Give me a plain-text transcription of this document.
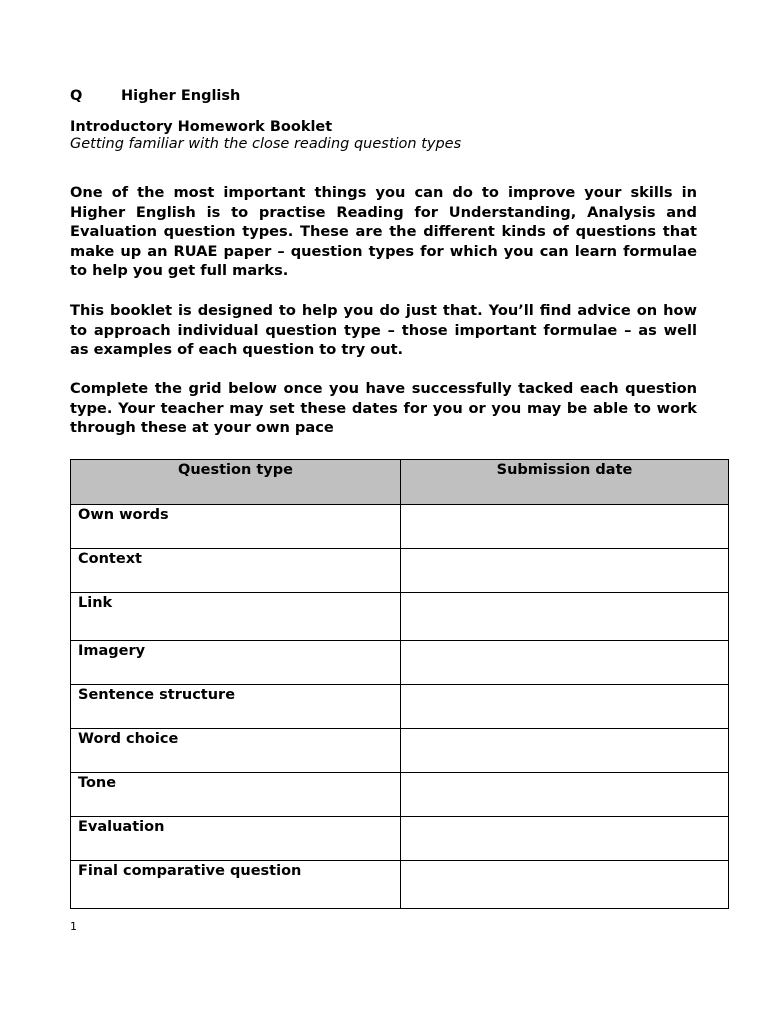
Q	Higher English
Introductory Homework Booklet
Getting familiar with the close reading question types

One of the most important things you can do to improve your skills in Higher English is to practise Reading for Understanding, Analysis and Evaluation question types. These are the different kinds of questions that make up an RUAE paper – question types for which you can learn formulae to help you get full marks.

This booklet is designed to help you do just that. You’ll find advice on how to approach individual question type – those important formulae – as well as examples of each question to try out.

Complete the grid below once you have successfully tacked each question type. Your teacher may set these dates for you or you may be able to work through these at your own pace

Question type	Submission date
Own words	
Context	
Link	
Imagery	
Sentence structure	
Word choice	
Tone	
Evaluation	
Final comparative question	
1
